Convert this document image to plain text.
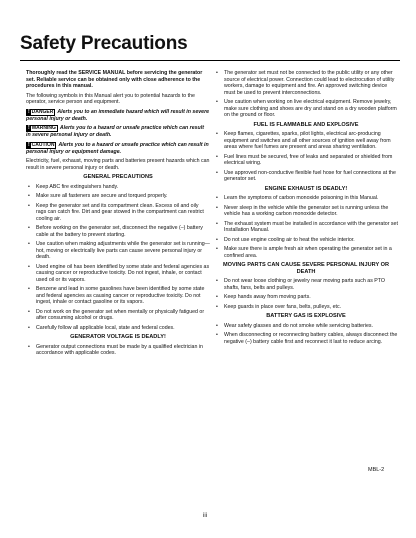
Safety Precautions

Thoroughly read the SERVICE MANUAL before servicing the generator set. Reliable service can be obtained only with close adherence to the procedures in this manual.

The following symbols in this Manual alert you to potential hazards to the operator, service person and equipment.

! DANGER Alerts you to an immediate hazard which will result in severe personal injury or death.

! WARNING Alerts you to a hazard or unsafe practice which can result in severe personal injury or death.

! CAUTION Alerts you to a hazard or unsafe practice which can result in personal injury or equipment damage.

Electricity, fuel, exhaust, moving parts and batteries present hazards which can result in severe personal injury or death.

GENERAL PRECAUTIONS
• Keep ABC fire extinguishers handy.
• Make sure all fasteners are secure and torqued properly.
• Keep the generator set and its compartment clean. Excess oil and oily rags can catch fire. Dirt and gear stowed in the compartment can restrict cooling air.
• Before working on the generator set, disconnect the negative (–) battery cable at the battery to prevent starting.
• Use caution when making adjustments while the generator set is running—hot, moving or electrically live parts can cause severe personal injury or death.
• Used engine oil has been identified by some state and federal agencies as causing cancer or reproductive toxicity. Do not ingest, inhale, or contact used oil or its vapors.
• Benzene and lead in some gasolines have been identified by some state and federal agencies as causing cancer or reproductive toxicity. Do not ingest, inhale or contact gasoline or its vapors.
• Do not work on the generator set when mentally or physically fatigued or after consuming alcohol or drugs.
• Carefully follow all applicable local, state and federal codes.
GENERATOR VOLTAGE IS DEADLY!
• Generator output connections must be made by a qualified electrician in accordance with applicable codes.
• The generator set must not be connected to the public utility or any other source of electrical power. Connection could lead to electrocution of utility workers, damage to equipment and fire. An approved switching device must be used to prevent interconnections.
• Use caution when working on live electrical equipment. Remove jewelry, make sure clothing and shoes are dry and stand on a dry wooden platform on the ground or floor.
FUEL IS FLAMMABLE AND EXPLOSIVE
• Keep flames, cigarettes, sparks, pilot lights, electrical arc-producing equipment and switches and all other sources of ignition well away from areas where fuel fumes are present and areas sharing ventilation.
• Fuel lines must be secured, free of leaks and separated or shielded from electrical wiring.
• Use approved non-conductive flexible fuel hose for fuel connections at the generator set.
ENGINE EXHAUST IS DEADLY!
• Learn the symptoms of carbon monoxide poisoning in this Manual.
• Never sleep in the vehicle while the generator set is running unless the vehicle has a working carbon monoxide detector.
• The exhaust system must be installed in accordance with the generator set Installation Manual.
• Do not use engine cooling air to heat the vehicle interior.
• Make sure there is ample fresh air when operating the generator set in a confined area.
MOVING PARTS CAN CAUSE SEVERE PERSONAL INJURY OR DEATH
• Do not wear loose clothing or jewelry near moving parts such as PTO shafts, fans, belts and pulleys.
• Keep hands away from moving parts.
• Keep guards in place over fans, belts, pulleys, etc.
BATTERY GAS IS EXPLOSIVE
• Wear safety glasses and do not smoke while servicing batteries.
• When disconnecting or reconnecting battery cables, always disconnect the negative (–) battery cable first and reconnect it last to reduce arcing.
MBL-2
iii
